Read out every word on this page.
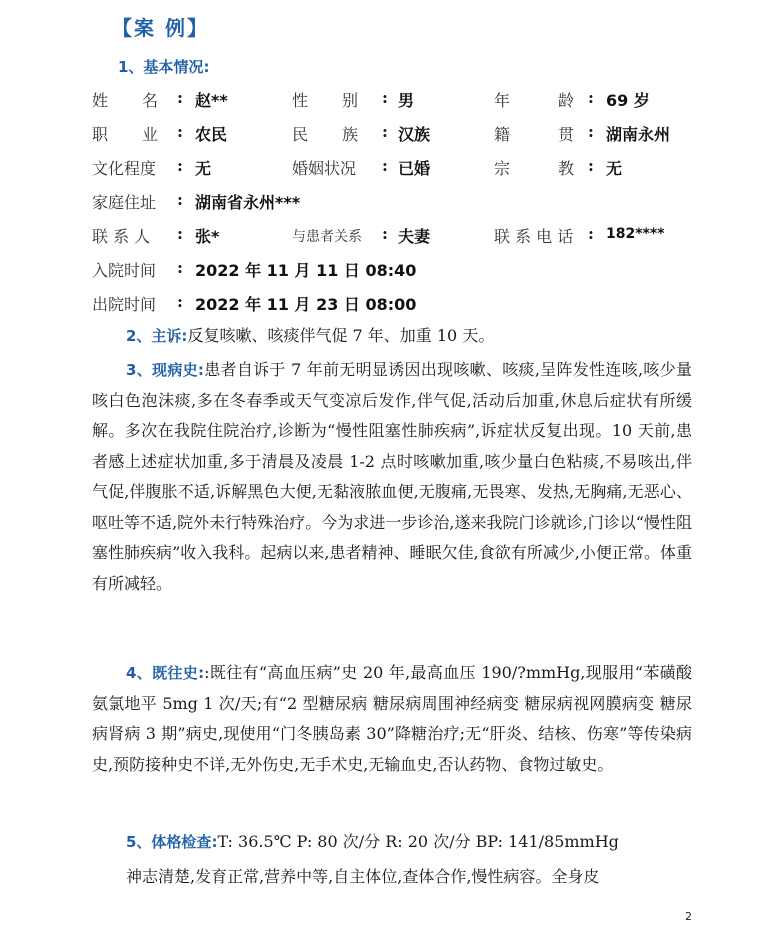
【案 例】
1、基本情况:
姓 名 : 赵**	性 别 : 男	年	龄 : 69 岁
职 业 : 农民	民 族 : 汉族	籍	贯 : 湖南永州
文化程度 : 无	婚姻状况 : 已婚	宗	教 : 无
家庭住址 : 湖南省永州***
联 系 人 : 张*	与患者关系 : 夫妻	联 系 电 话 : 182****
入院时间 : 2022 年 11 月 11 日 08:40
出院时间 : 2022 年 11 月 23 日 08:00
2、主诉:反复咳嗽、咳痰伴气促 7 年、加重 10 天。
3、现病史:患者自诉于 7 年前无明显诱因出现咳嗽、咳痰,呈阵发性连咳,咳少量咳白色泡沫痰,多在冬春季或天气变凉后发作,伴气促,活动后加重,休息后症状有所缓解。多次在我院住院治疗,诊断为“慢性阻塞性肺疾病”,诉症状反复出现。10 天前,患者感上述症状加重,多于清晨及凌晨 1-2 点时咳嗽加重,咳少量白色粘痰,不易咳出,伴气促,伴腹胀不适,诉解黑色大便,无黏液脓血便,无腹痛,无畏寒、发热,无胸痛,无恶心、呕吐等不适,院外未行特殊治疗。今为求进一步诊治,遂来我院门诊就诊,门诊以“慢性阻塞性肺疾病”收入我科。起病以来,患者精神、睡眠欠佳,食欲有所减少,小便正常。体重有所减轻。
4、既往史::既往有“高血压病”史 20 年,最高血压 190/?mmHg,现服用“苯磺酸氨氯地平 5mg 1 次/天;有“2 型糖尿病 糖尿病周围神经病变 糖尿病视网膜病变 糖尿病肾病 3 期”病史,现使用“门冬胰岛素 30”降糖治疗;无“肝炎、结核、伤寒”等传染病史,预防接种史不详,无外伤史,无手术史,无输血史,否认药物、食物过敏史。
5、体格检查:T: 36.5℃ P: 80 次/分 R: 20 次/分 BP: 141/85mmHg
神志清楚,发育正常,营养中等,自主体位,查体合作,慢性病容。全身皮
2
